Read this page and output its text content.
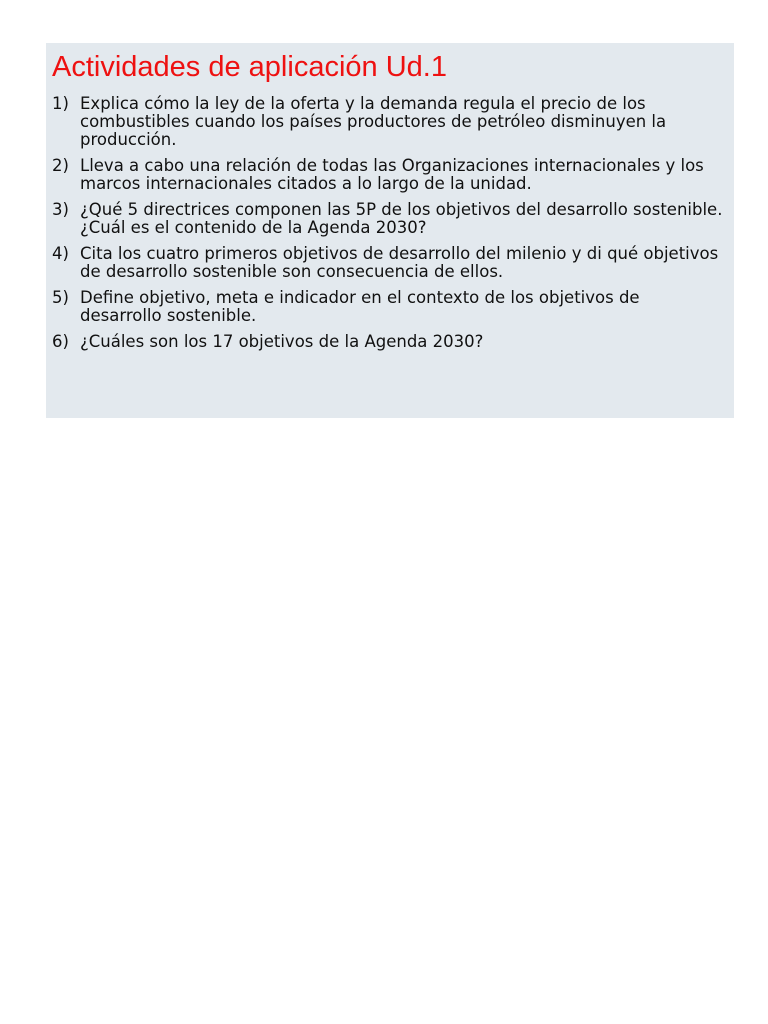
Actividades de aplicación Ud.1
1) Explica cómo la ley de la oferta y la demanda regula el precio de los combustibles cuando los países productores de petróleo disminuyen la producción.
2) Lleva a cabo una relación de todas las Organizaciones internacionales y los marcos internacionales citados a lo largo de la unidad.
3) ¿Qué 5 directrices componen las 5P de los objetivos del desarrollo sostenible. ¿Cuál es el contenido de la Agenda 2030?
4) Cita los cuatro primeros objetivos de desarrollo del milenio y di qué objetivos de desarrollo sostenible son consecuencia de ellos.
5) Define objetivo, meta e indicador en el contexto de los objetivos de desarrollo sostenible.
6) ¿Cuáles son los 17 objetivos de la Agenda 2030?
